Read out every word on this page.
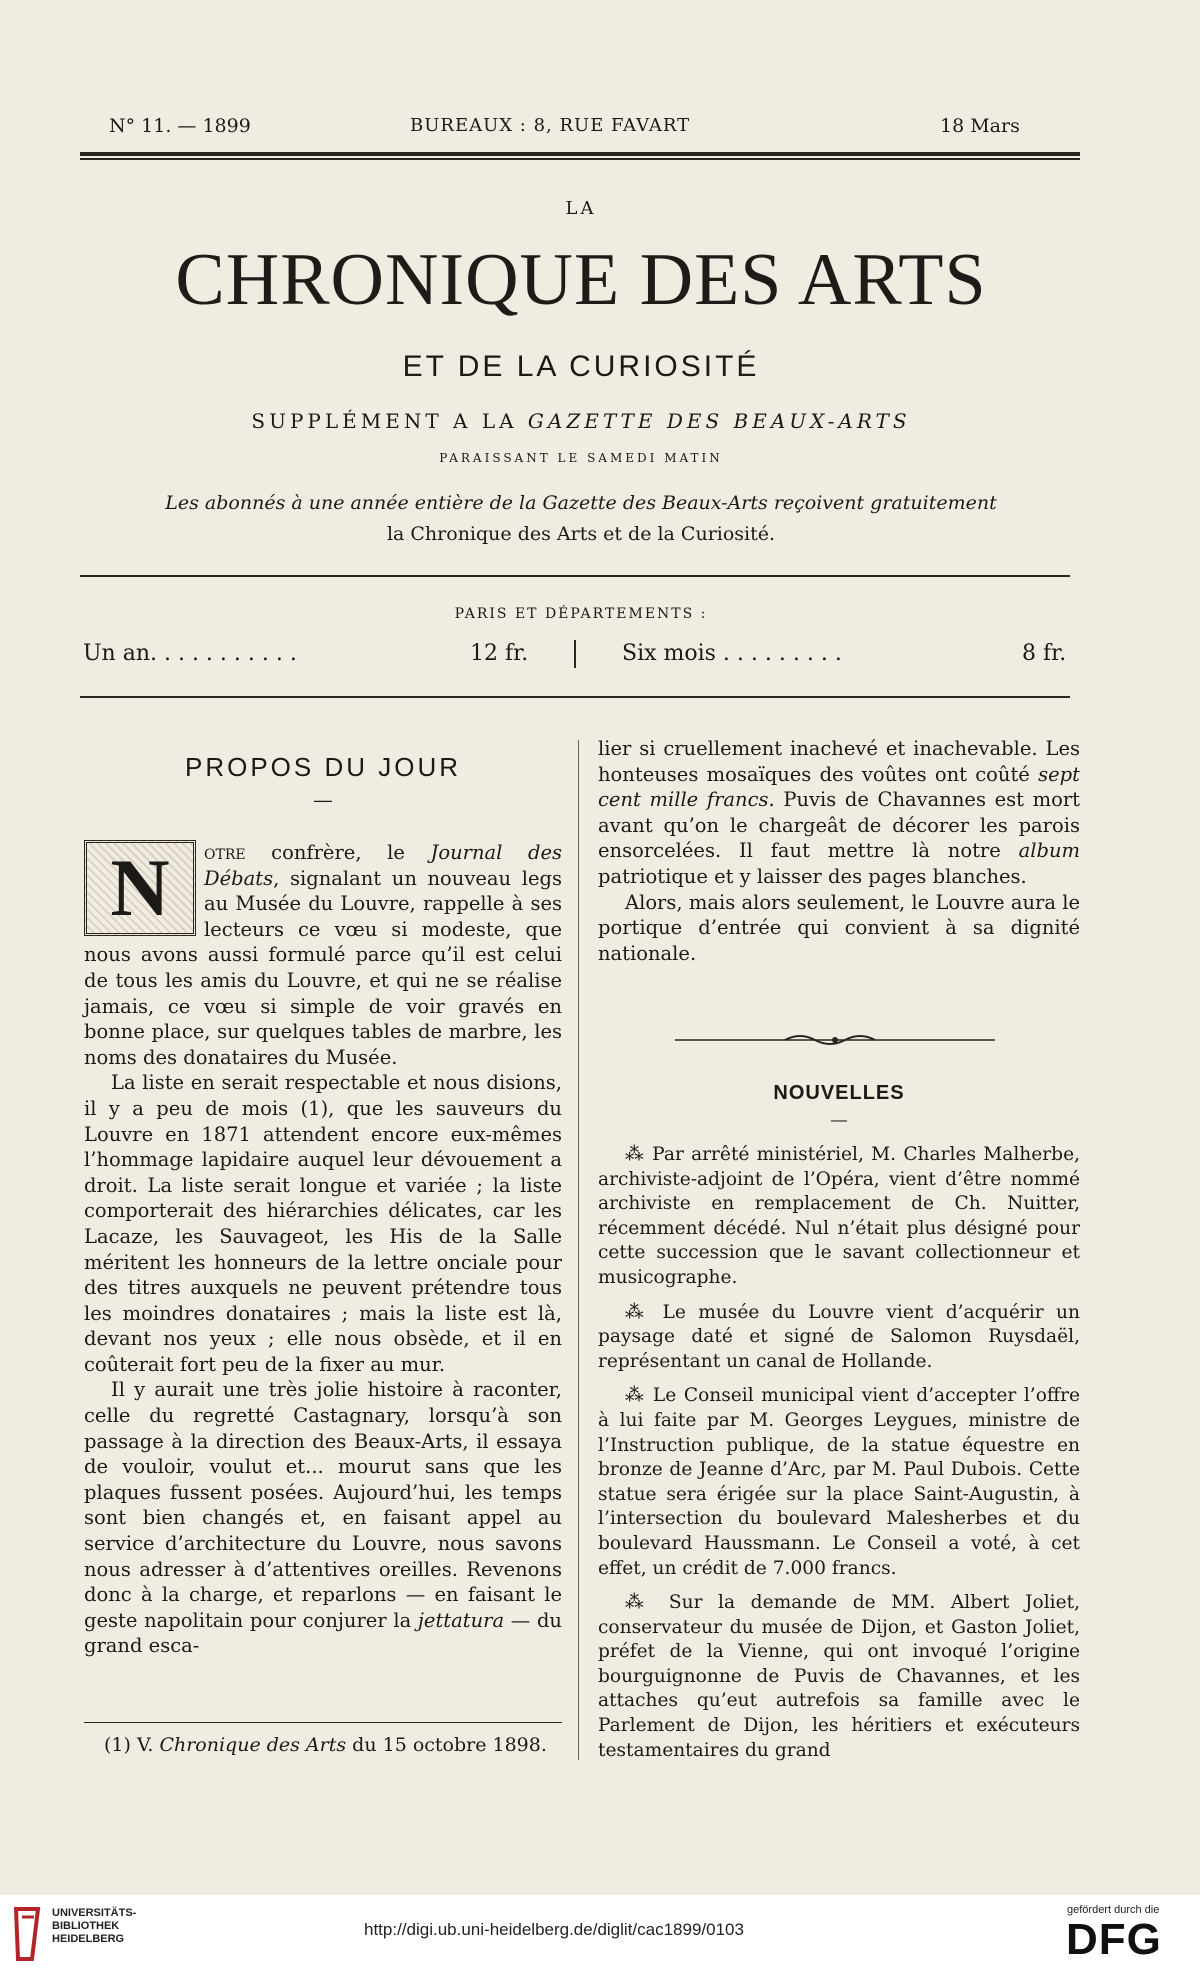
N° 11. — 1899	BUREAUX : 8, RUE FAVART	18 Mars
LA
CHRONIQUE DES ARTS
ET DE LA CURIOSITÉ
SUPPLÉMENT A LA GAZETTE DES BEAUX-ARTS
PARAISSANT LE SAMEDI MATIN
Les abonnés à une année entière de la Gazette des Beaux-Arts reçoivent gratuitement
la Chronique des Arts et de la Curiosité.
PARIS ET DÉPARTEMENTS :
Un an. . . . . . . . . . .	12 fr.	Six mois . . . . . . . . .	8 fr.
PROPOS DU JOUR
—

N	otre confrère, le Journal des Débats, signalant un nouveau legs au Musée du Louvre, rappelle à ses lecteurs ce vœu si modeste, que nous avons aussi formulé parce qu’il est celui de tous les amis du Louvre, et qui ne se réalise jamais, ce vœu si simple de voir gravés en bonne place, sur quelques tables de marbre, les noms des donataires du Musée.

La liste en serait respectable et nous disions, il y a peu de mois (1), que les sauveurs du Louvre en 1871 attendent encore eux-mêmes l’hommage lapidaire auquel leur dévouement a droit. La liste serait longue et variée ; la liste comporterait des hiérarchies délicates, car les Lacaze, les Sauvageot, les His de la Salle méritent les honneurs de la lettre onciale pour des titres auxquels ne peuvent prétendre tous les moindres donataires ; mais la liste est là, devant nos yeux ; elle nous obsède, et il en coûterait fort peu de la fixer au mur.

Il y aurait une très jolie histoire à raconter, celle du regretté Castagnary, lorsqu’à son passage à la direction des Beaux-Arts, il essaya de vouloir, voulut et... mourut sans que les plaques fussent posées. Aujourd’hui, les temps sont bien changés et, en faisant appel au service d’architecture du Louvre, nous savons nous adresser à d’attentives oreilles. Revenons donc à la charge, et reparlons — en faisant le geste napolitain pour conjurer la jettatura — du grand esca-

(1) V. Chronique des Arts du 15 octobre 1898.

lier si cruellement inachevé et inachevable. Les honteuses mosaïques des voûtes ont coûté sept cent mille francs. Puvis de Chavannes est mort avant qu’on le chargeât de décorer les parois ensorcelées. Il faut mettre là notre album patriotique et y laisser des pages blanches.

Alors, mais alors seulement, le Louvre aura le portique d’entrée qui convient à sa dignité nationale.

NOUVELLES
—

⁂ Par arrêté ministériel, M. Charles Malherbe, archiviste-adjoint de l’Opéra, vient d’être nommé archiviste en remplacement de Ch. Nuitter, récemment décédé. Nul n’était plus désigné pour cette succession que le savant collectionneur et musicographe.

⁂ Le musée du Louvre vient d’acquérir un paysage daté et signé de Salomon Ruysdaël, représentant un canal de Hollande.

⁂ Le Conseil municipal vient d’accepter l’offre à lui faite par M. Georges Leygues, ministre de l’Instruction publique, de la statue équestre en bronze de Jeanne d’Arc, par M. Paul Dubois. Cette statue sera érigée sur la place Saint-Augustin, à l’intersection du boulevard Malesherbes et du boulevard Haussmann. Le Conseil a voté, à cet effet, un crédit de 7.000 francs.

⁂ Sur la demande de MM. Albert Joliet, conservateur du musée de Dijon, et Gaston Joliet, préfet de la Vienne, qui ont invoqué l’origine bourguignonne de Puvis de Chavannes, et les attaches qu’eut autrefois sa famille avec le Parlement de Dijon, les héritiers et exécuteurs testamentaires du grand

UNIVERSITÄTS-
BIBLIOTHEK
HEIDELBERG	http://digi.ub.uni-heidelberg.de/diglit/cac1899/0103
gefördert durch die
DFG
